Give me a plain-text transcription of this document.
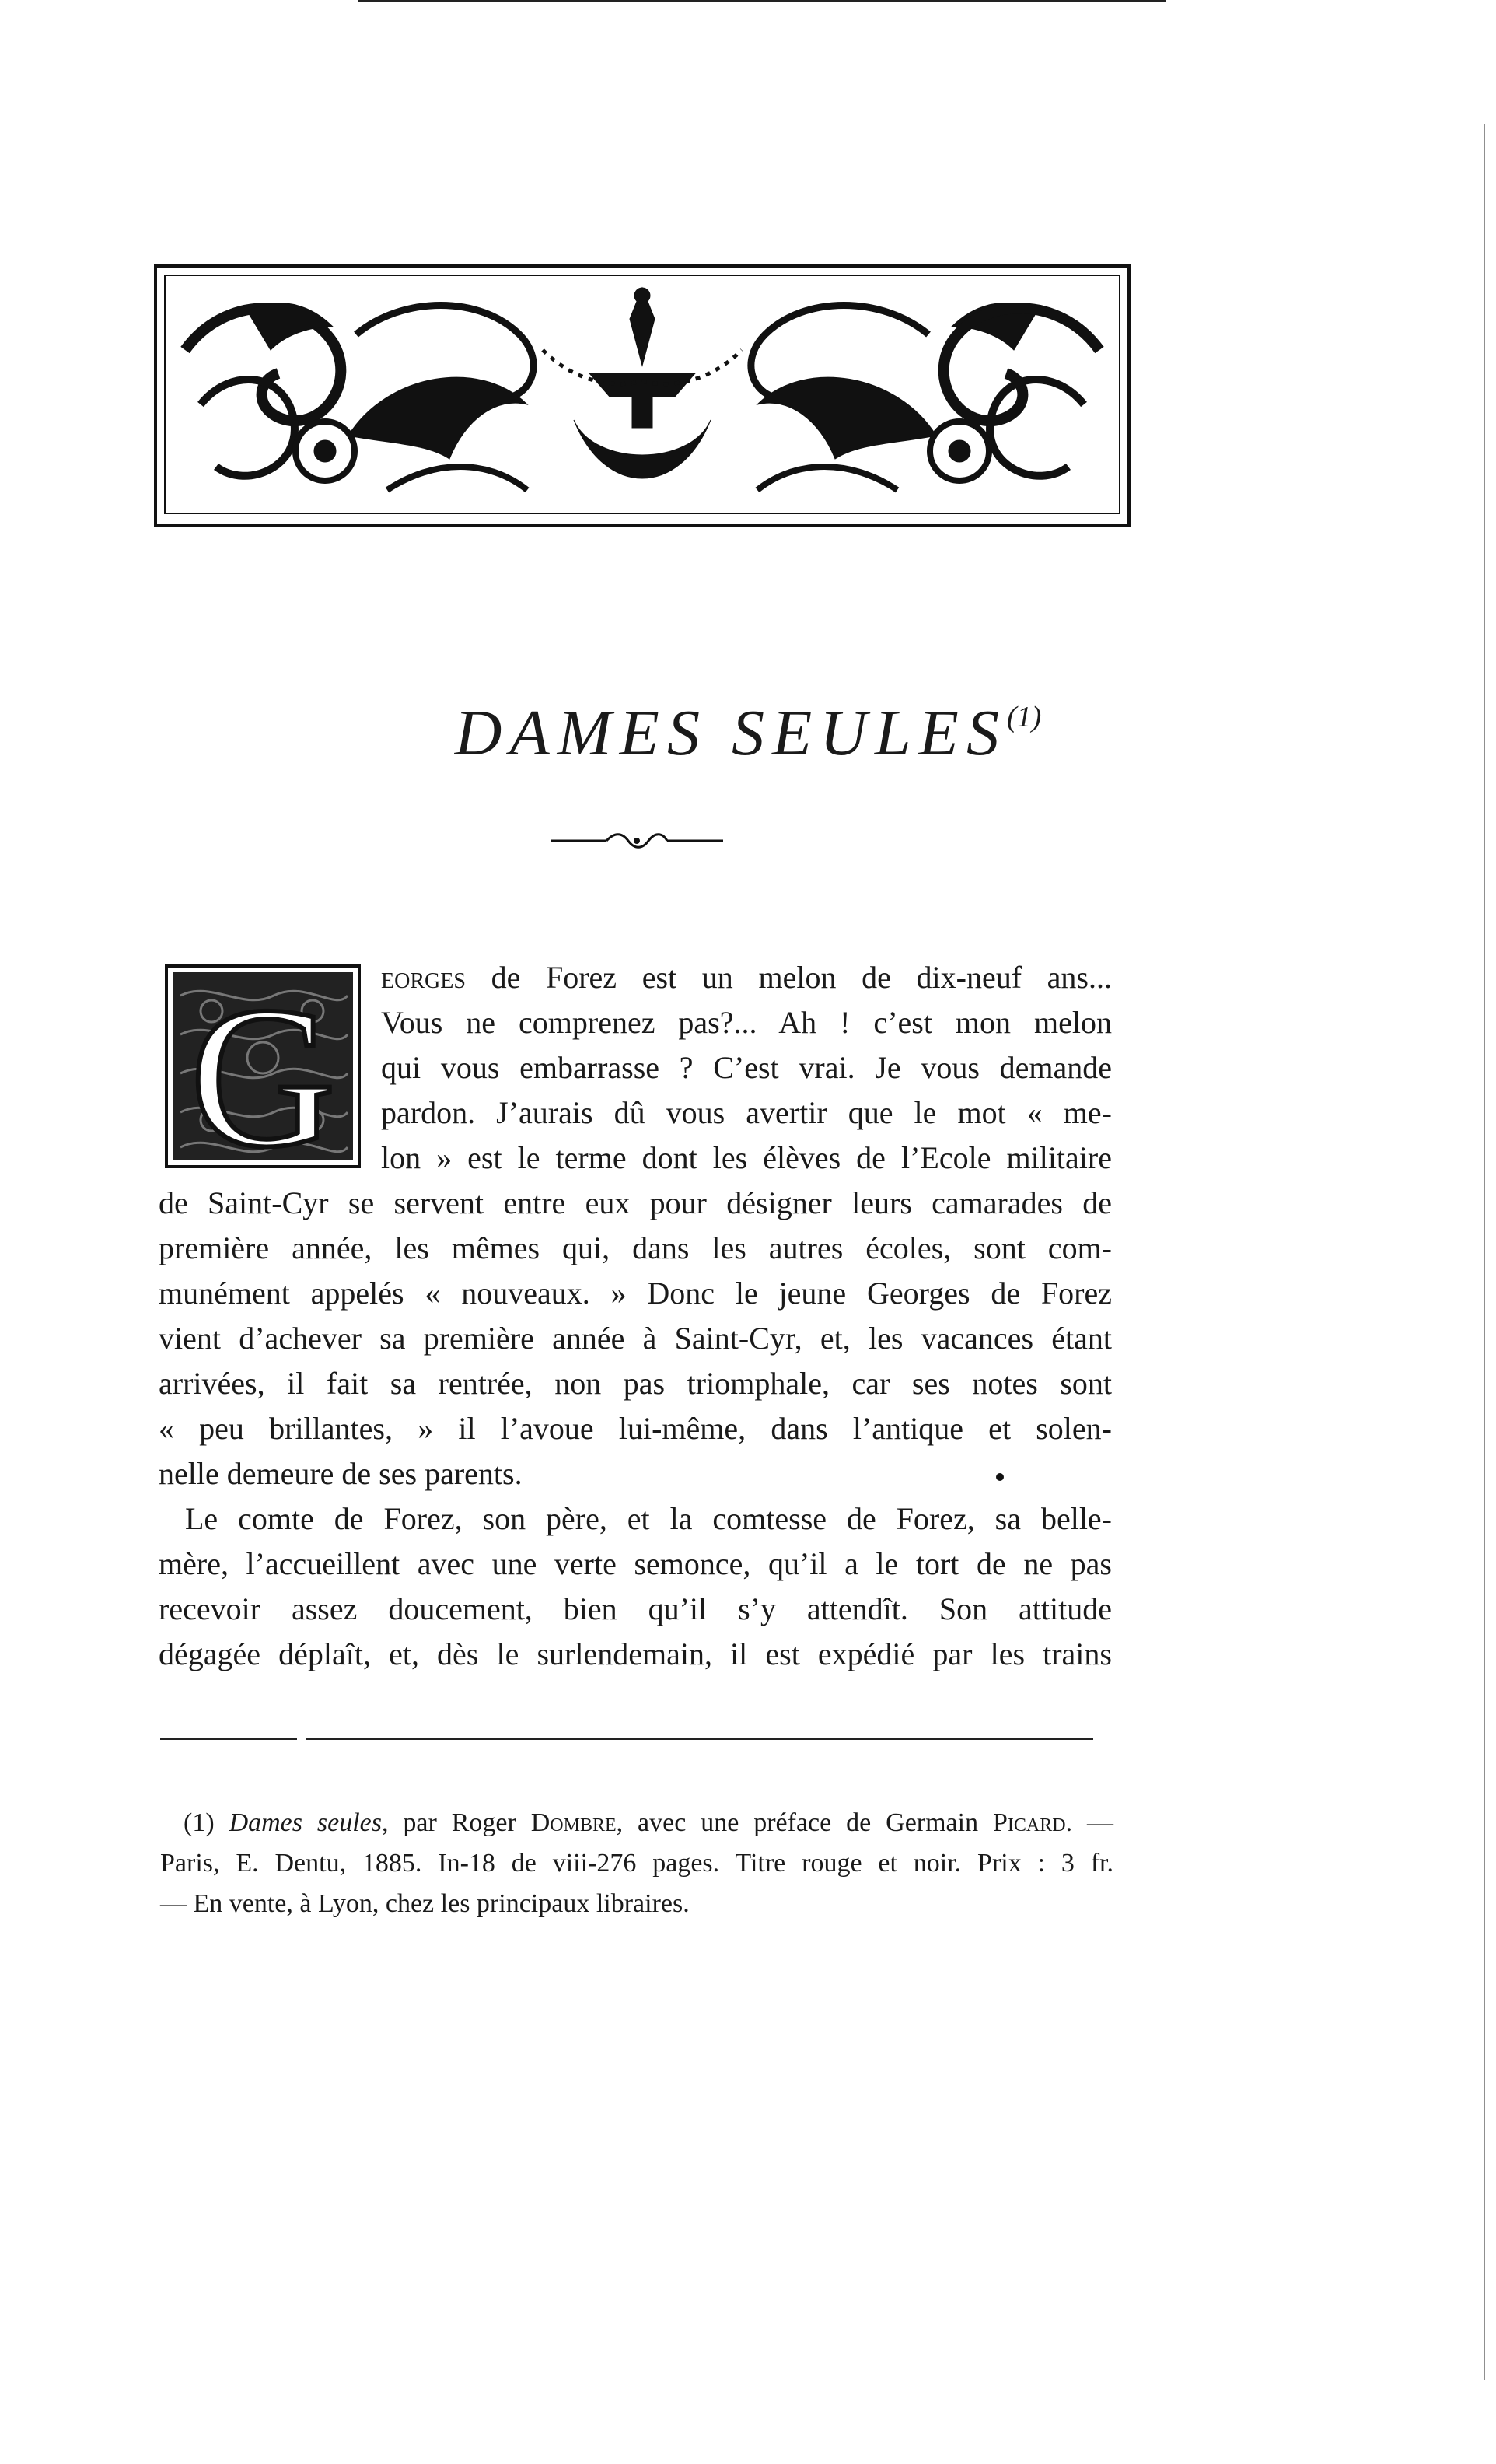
DAMES SEULES$^{(1)}$
G eorges de Forez est un melon de dix-neuf ans...
Vous ne comprenez pas?... Ah ! c’est mon melon
qui vous embarrasse ? C’est vrai. Je vous demande
pardon. J’aurais dû vous avertir que le mot « me-
lon » est le terme dont les élèves de l’Ecole militaire
de Saint-Cyr se servent entre eux pour désigner leurs camarades de
première année, les mêmes qui, dans les autres écoles, sont com-
munément appelés « nouveaux. » Donc le jeune Georges de Forez
vient d’achever sa première année à Saint-Cyr, et, les vacances étant
arrivées, il fait sa rentrée, non pas triomphale, car ses notes sont
« peu brillantes, » il l’avoue lui-même, dans l’antique et solen-
nelle demeure de ses parents.
Le comte de Forez, son père, et la comtesse de Forez, sa belle-
mère, l’accueillent avec une verte semonce, qu’il a le tort de ne pas
recevoir assez doucement, bien qu’il s’y attendît. Son attitude
dégagée déplaît, et, dès le surlendemain, il est expédié par les trains
(1) Dames seules, par Roger Dombre, avec une préface de Germain Picard. —
Paris, E. Dentu, 1885. In-18 de viii-276 pages. Titre rouge et noir. Prix : 3 fr.
— En vente, à Lyon, chez les principaux libraires.
